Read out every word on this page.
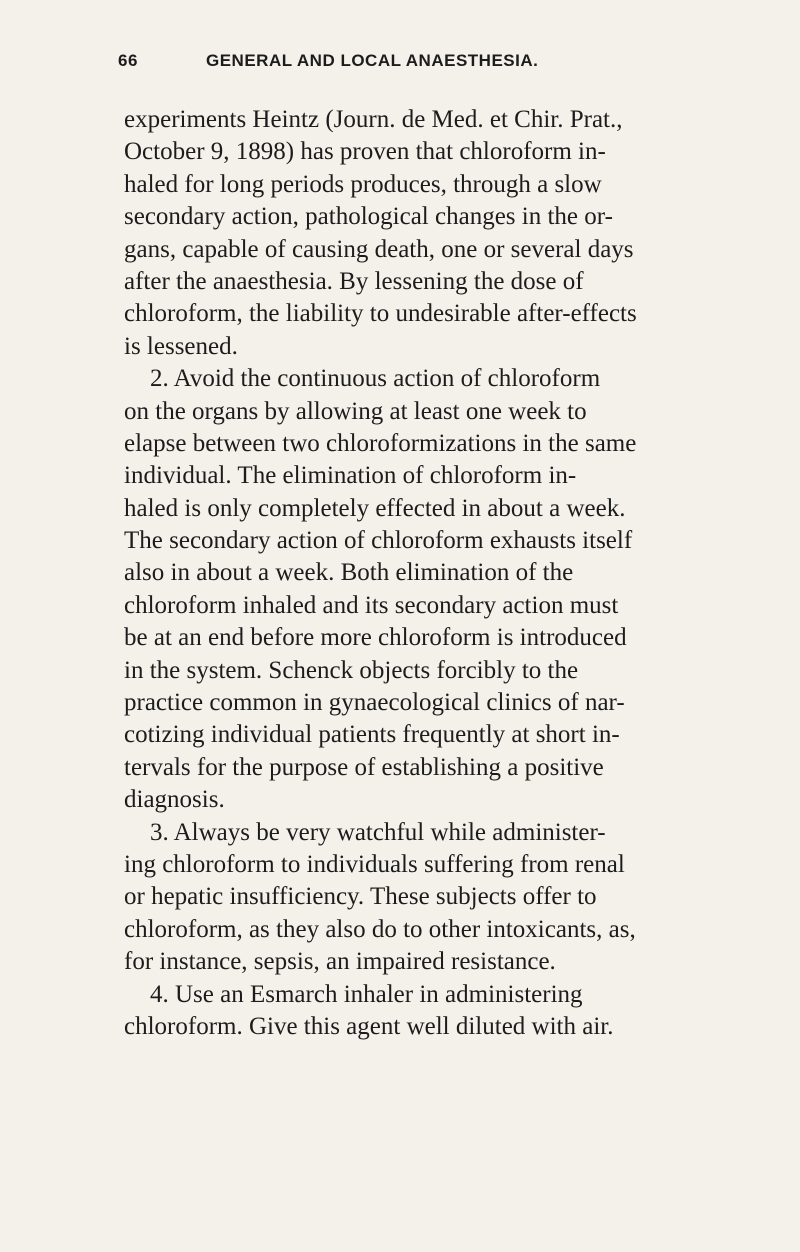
66	GENERAL AND LOCAL ANAESTHESIA.
experiments Heintz (Journ. de Med. et Chir. Prat.,
October 9, 1898) has proven that chloroform in-
haled for long periods produces, through a slow
secondary action, pathological changes in the or-
gans, capable of causing death, one or several days
after the anaesthesia. By lessening the dose of
chloroform, the liability to undesirable after-effects
is lessened.
2. Avoid the continuous action of chloroform
on the organs by allowing at least one week to
elapse between two chloroformizations in the same
individual. The elimination of chloroform in-
haled is only completely effected in about a week.
The secondary action of chloroform exhausts itself
also in about a week. Both elimination of the
chloroform inhaled and its secondary action must
be at an end before more chloroform is introduced
in the system. Schenck objects forcibly to the
practice common in gynaecological clinics of nar-
cotizing individual patients frequently at short in-
tervals for the purpose of establishing a positive
diagnosis.
3. Always be very watchful while administer-
ing chloroform to individuals suffering from renal
or hepatic insufficiency. These subjects offer to
chloroform, as they also do to other intoxicants, as,
for instance, sepsis, an impaired resistance.
4. Use an Esmarch inhaler in administering
chloroform. Give this agent well diluted with air.
